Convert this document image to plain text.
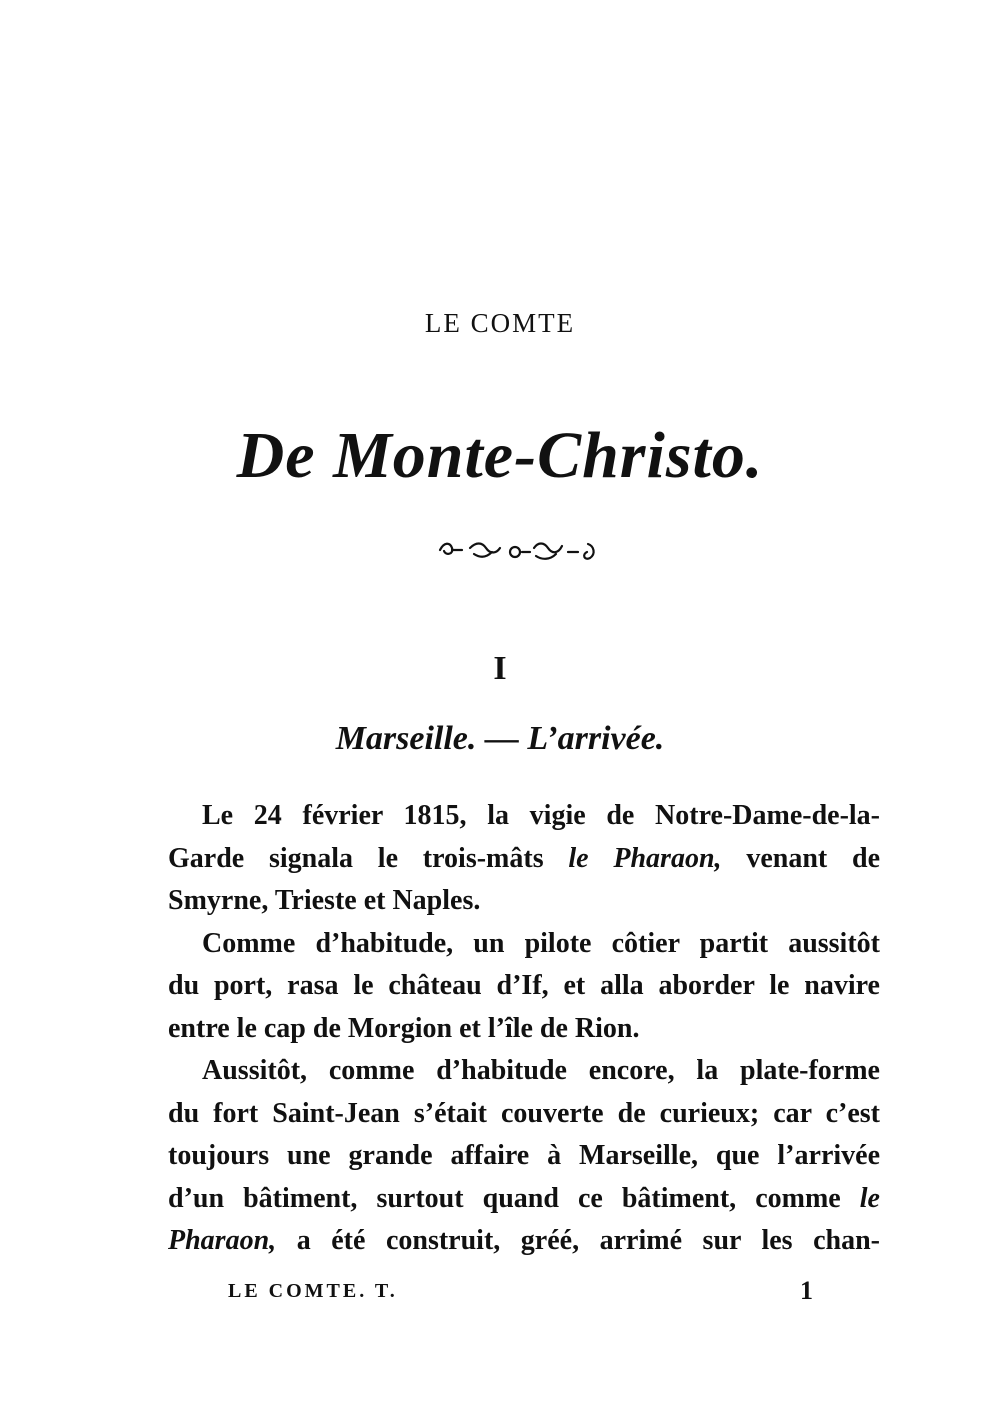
LE COMTE
De Monte-Christo.
I
Marseille. — L’arrivée.

Le 24 février 1815, la vigie de Notre-Dame-de-la-
Garde signala le trois-mâts le Pharaon, venant de
Smyrne, Trieste et Naples.

Comme d’habitude, un pilote côtier partit aussitôt
du port, rasa le château d’If, et alla aborder le navire
entre le cap de Morgion et l’île de Rion.

Aussitôt, comme d’habitude encore, la plate-forme
du fort Saint-Jean s’était couverte de curieux; car c’est
toujours une grande affaire à Marseille, que l’arrivée
d’un bâtiment, surtout quand ce bâtiment, comme le
Pharaon, a été construit, gréé, arrimé sur les chan-

LE COMTE. T.	1
